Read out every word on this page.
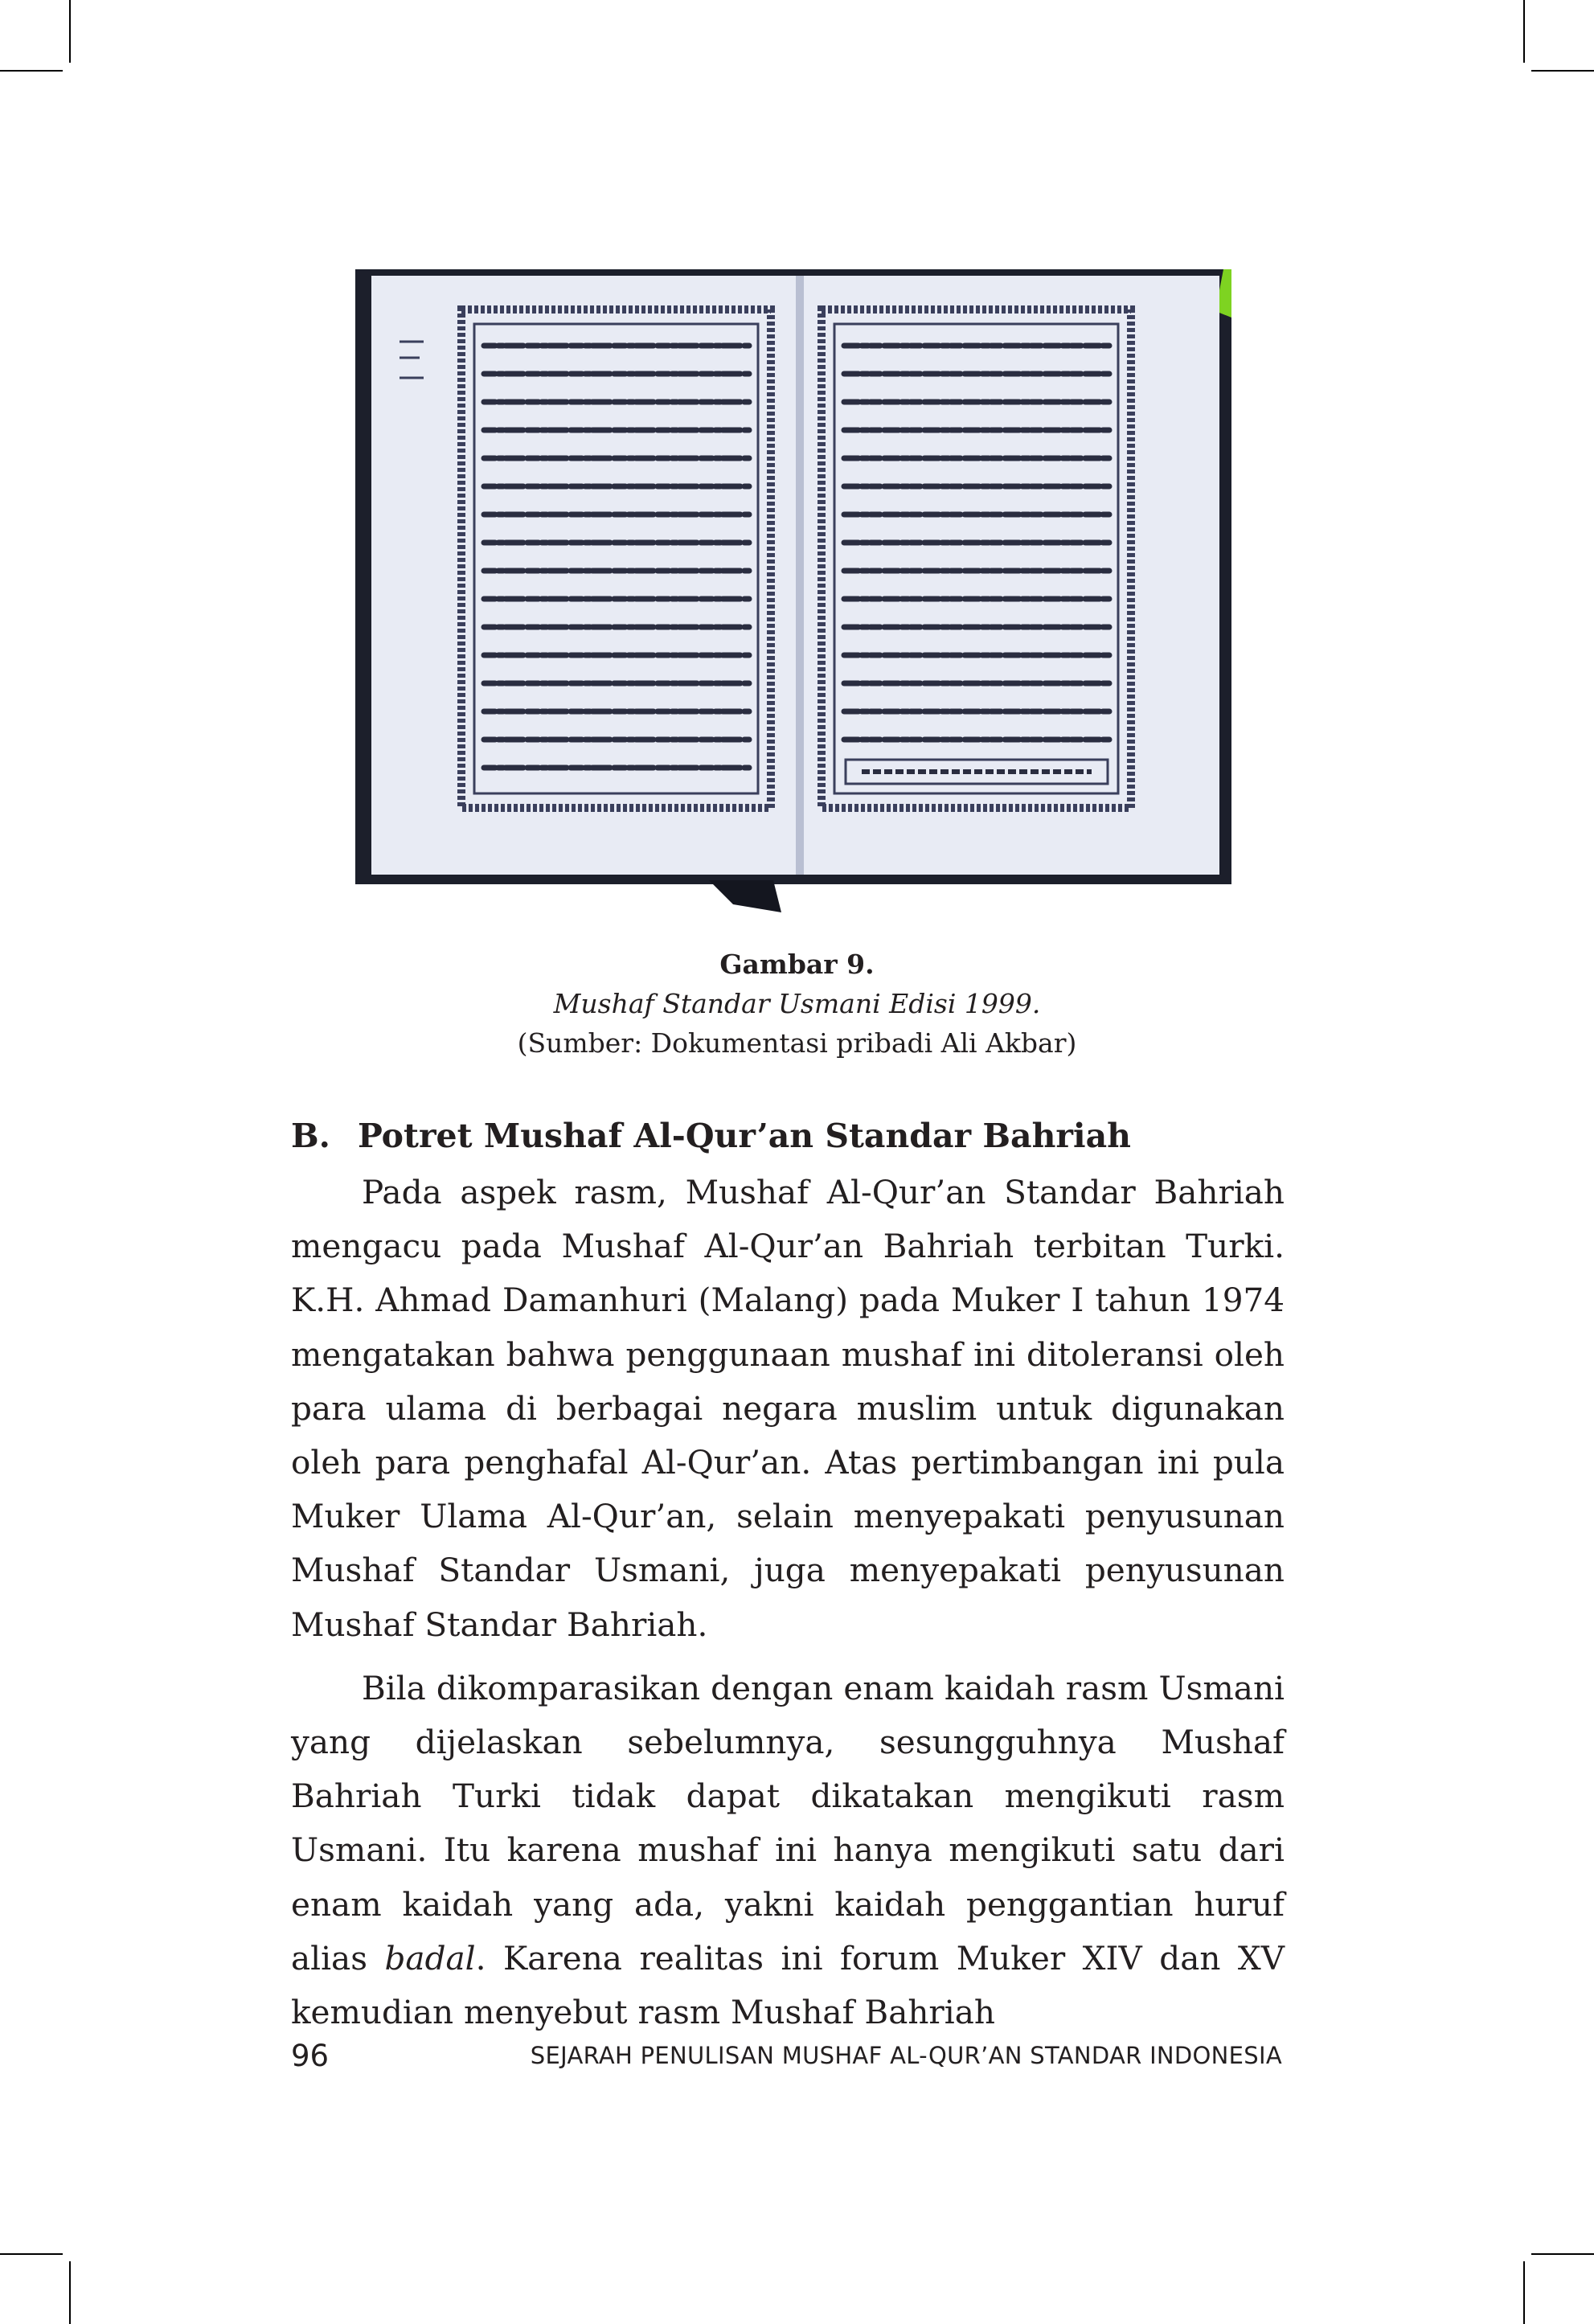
Gambar 9.
Mushaf Standar Usmani Edisi 1999.
(Sumber: Dokumentasi pribadi Ali Akbar)
B. Potret Mushaf Al-Qur’an Standar Bahriah

Pada aspek rasm, Mushaf Al-Qur’an Standar Bahriah mengacu pada Mushaf Al-Qur’an Bahriah terbitan Turki. K.H. Ahmad Damanhuri (Malang) pada Muker I tahun 1974 mengatakan bahwa penggunaan mushaf ini ditoleransi oleh para ulama di berbagai negara muslim untuk digunakan oleh para penghafal Al-Qur’an. Atas pertimbangan ini pula Muker Ulama Al-Qur’an, selain menyepakati penyusunan Mushaf Standar Usmani, juga menyepakati penyusunan Mushaf Standar Bahriah.

Bila dikomparasikan dengan enam kaidah rasm Usmani yang dijelaskan sebelumnya, sesungguhnya Mushaf Bahriah Turki tidak dapat dikatakan mengikuti rasm Usmani. Itu karena mushaf ini hanya mengikuti satu dari enam kaidah yang ada, yakni kaidah penggantian huruf alias badal. Karena realitas ini forum Muker XIV dan XV kemudian menyebut rasm Mushaf Bahriah

96	SEJARAH PENULISAN MUSHAF AL-QUR’AN STANDAR INDONESIA
